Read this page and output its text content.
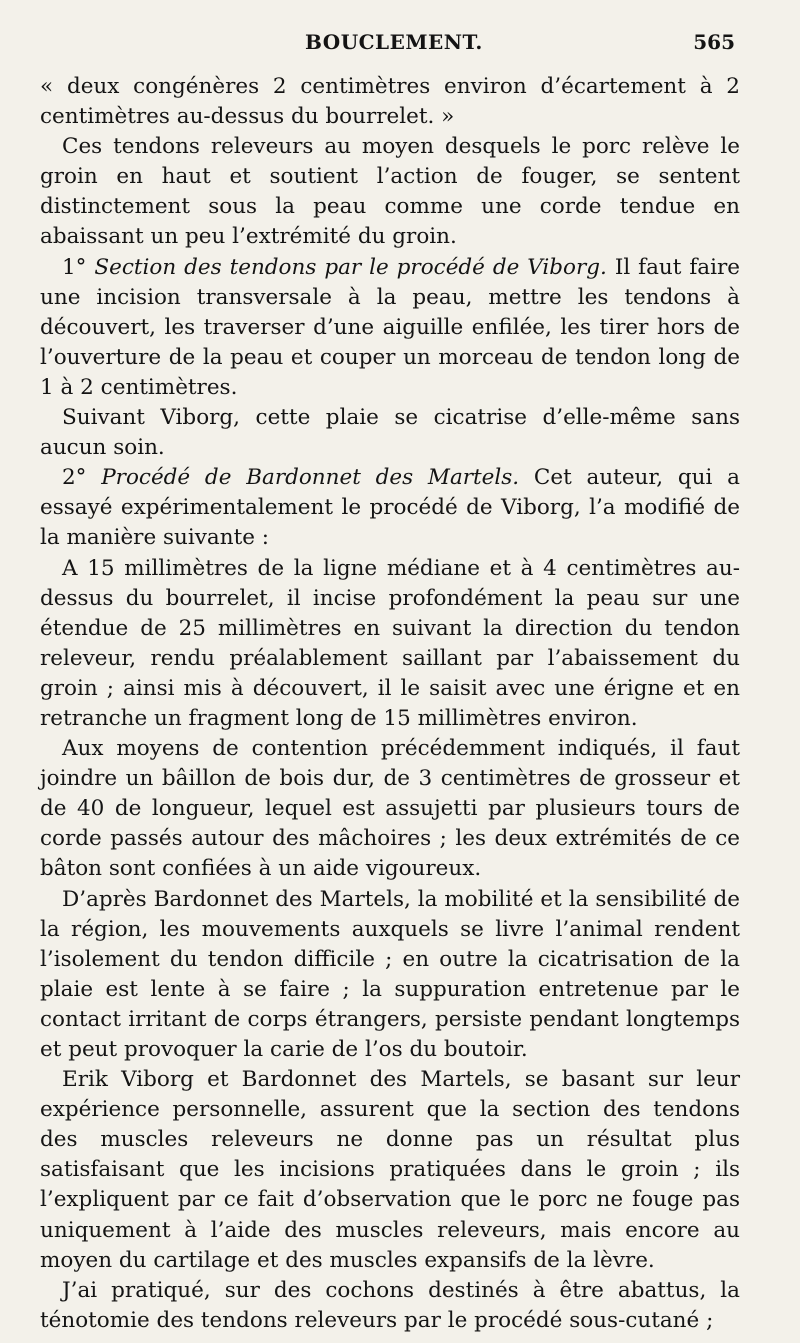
BOUCLEMENT.	565

« deux congénères 2 centimètres environ d’écartement à 2 centimètres au-dessus du bourrelet. »

Ces tendons releveurs au moyen desquels le porc relève le groin en haut et soutient l’action de fouger, se sentent distinctement sous la peau comme une corde tendue en abaissant un peu l’extrémité du groin.

1° Section des tendons par le procédé de Viborg. Il faut faire une incision transversale à la peau, mettre les tendons à découvert, les traverser d’une aiguille enfilée, les tirer hors de l’ouverture de la peau et couper un morceau de tendon long de 1 à 2 centimètres.

Suivant Viborg, cette plaie se cicatrise d’elle-même sans aucun soin.

2° Procédé de Bardonnet des Martels. Cet auteur, qui a essayé expérimentalement le procédé de Viborg, l’a modifié de la manière suivante :

A 15 millimètres de la ligne médiane et à 4 centimètres au-dessus du bourrelet, il incise profondément la peau sur une étendue de 25 millimètres en suivant la direction du tendon releveur, rendu préalablement saillant par l’abaissement du groin ; ainsi mis à découvert, il le saisit avec une érigne et en retranche un fragment long de 15 millimètres environ.

Aux moyens de contention précédemment indiqués, il faut joindre un bâillon de bois dur, de 3 centimètres de grosseur et de 40 de longueur, lequel est assujetti par plusieurs tours de corde passés autour des mâchoires ; les deux extrémités de ce bâton sont confiées à un aide vigoureux.

D’après Bardonnet des Martels, la mobilité et la sensibilité de la région, les mouvements auxquels se livre l’animal rendent l’isolement du tendon difficile ; en outre la cicatrisation de la plaie est lente à se faire ; la suppuration entretenue par le contact irritant de corps étrangers, persiste pendant longtemps et peut provoquer la carie de l’os du boutoir.

Erik Viborg et Bardonnet des Martels, se basant sur leur expérience personnelle, assurent que la section des tendons des muscles releveurs ne donne pas un résultat plus satisfaisant que les incisions pratiquées dans le groin ; ils l’expliquent par ce fait d’observation que le porc ne fouge pas uniquement à l’aide des muscles releveurs, mais encore au moyen du cartilage et des muscles expansifs de la lèvre.

J’ai pratiqué, sur des cochons destinés à être abattus, la ténotomie des tendons releveurs par le procédé sous-cutané ;
